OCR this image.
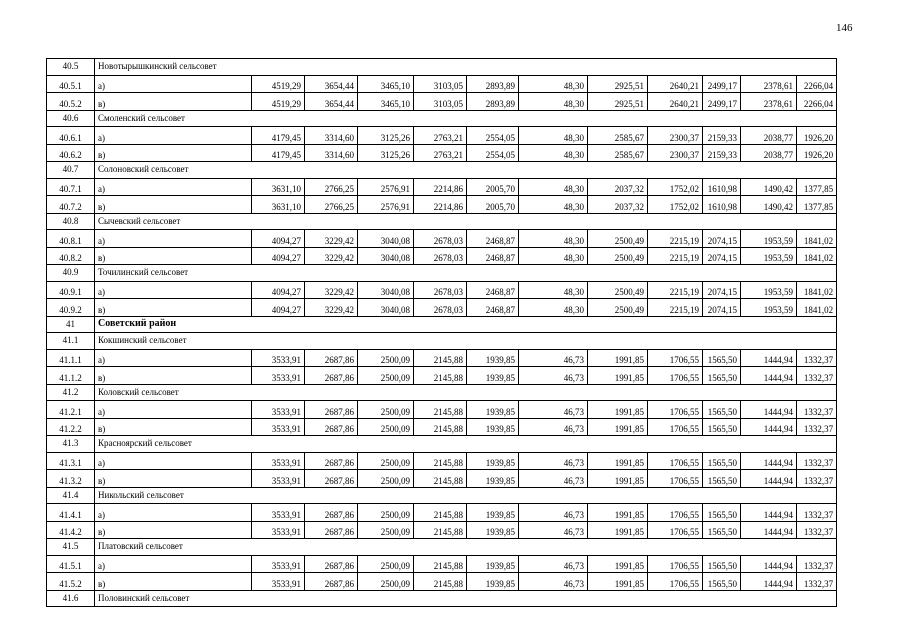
146
40.5	Новотырышкинский сельсовет												
40.5.1	а)	4519,29	3654,44	3465,10	3103,05	2893,89	48,30	2925,51	2640,21	2499,17	2378,61	2266,04	
40.5.2	в)	4519,29	3654,44	3465,10	3103,05	2893,89	48,30	2925,51	2640,21	2499,17	2378,61	2266,04	
40.6	Смоленский сельсовет												
40.6.1	а)	4179,45	3314,60	3125,26	2763,21	2554,05	48,30	2585,67	2300,37	2159,33	2038,77	1926,20	
40.6.2	в)	4179,45	3314,60	3125,26	2763,21	2554,05	48,30	2585,67	2300,37	2159,33	2038,77	1926,20	
40.7	Солоновский сельсовет												
40.7.1	а)	3631,10	2766,25	2576,91	2214,86	2005,70	48,30	2037,32	1752,02	1610,98	1490,42	1377,85	
40.7.2	в)	3631,10	2766,25	2576,91	2214,86	2005,70	48,30	2037,32	1752,02	1610,98	1490,42	1377,85	
40.8	Сычевский сельсовет												
40.8.1	а)	4094,27	3229,42	3040,08	2678,03	2468,87	48,30	2500,49	2215,19	2074,15	1953,59	1841,02	
40.8.2	в)	4094,27	3229,42	3040,08	2678,03	2468,87	48,30	2500,49	2215,19	2074,15	1953,59	1841,02	
40.9	Точилинский сельсовет												
40.9.1	а)	4094,27	3229,42	3040,08	2678,03	2468,87	48,30	2500,49	2215,19	2074,15	1953,59	1841,02	
40.9.2	в)	4094,27	3229,42	3040,08	2678,03	2468,87	48,30	2500,49	2215,19	2074,15	1953,59	1841,02	
41	Советский район												
41.1	Кокшинский сельсовет												
41.1.1	а)	3533,91	2687,86	2500,09	2145,88	1939,85	46,73	1991,85	1706,55	1565,50	1444,94	1332,37	
41.1.2	в)	3533,91	2687,86	2500,09	2145,88	1939,85	46,73	1991,85	1706,55	1565,50	1444,94	1332,37	
41.2	Коловский сельсовет												
41.2.1	а)	3533,91	2687,86	2500,09	2145,88	1939,85	46,73	1991,85	1706,55	1565,50	1444,94	1332,37	
41.2.2	в)	3533,91	2687,86	2500,09	2145,88	1939,85	46,73	1991,85	1706,55	1565,50	1444,94	1332,37	
41.3	Красноярский сельсовет												
41.3.1	а)	3533,91	2687,86	2500,09	2145,88	1939,85	46,73	1991,85	1706,55	1565,50	1444,94	1332,37	
41.3.2	в)	3533,91	2687,86	2500,09	2145,88	1939,85	46,73	1991,85	1706,55	1565,50	1444,94	1332,37	
41.4	Никольский сельсовет												
41.4.1	а)	3533,91	2687,86	2500,09	2145,88	1939,85	46,73	1991,85	1706,55	1565,50	1444,94	1332,37	
41.4.2	в)	3533,91	2687,86	2500,09	2145,88	1939,85	46,73	1991,85	1706,55	1565,50	1444,94	1332,37	
41.5	Платовский сельсовет												
41.5.1	а)	3533,91	2687,86	2500,09	2145,88	1939,85	46,73	1991,85	1706,55	1565,50	1444,94	1332,37	
41.5.2	в)	3533,91	2687,86	2500,09	2145,88	1939,85	46,73	1991,85	1706,55	1565,50	1444,94	1332,37	
41.6	Половинский сельсовет												
